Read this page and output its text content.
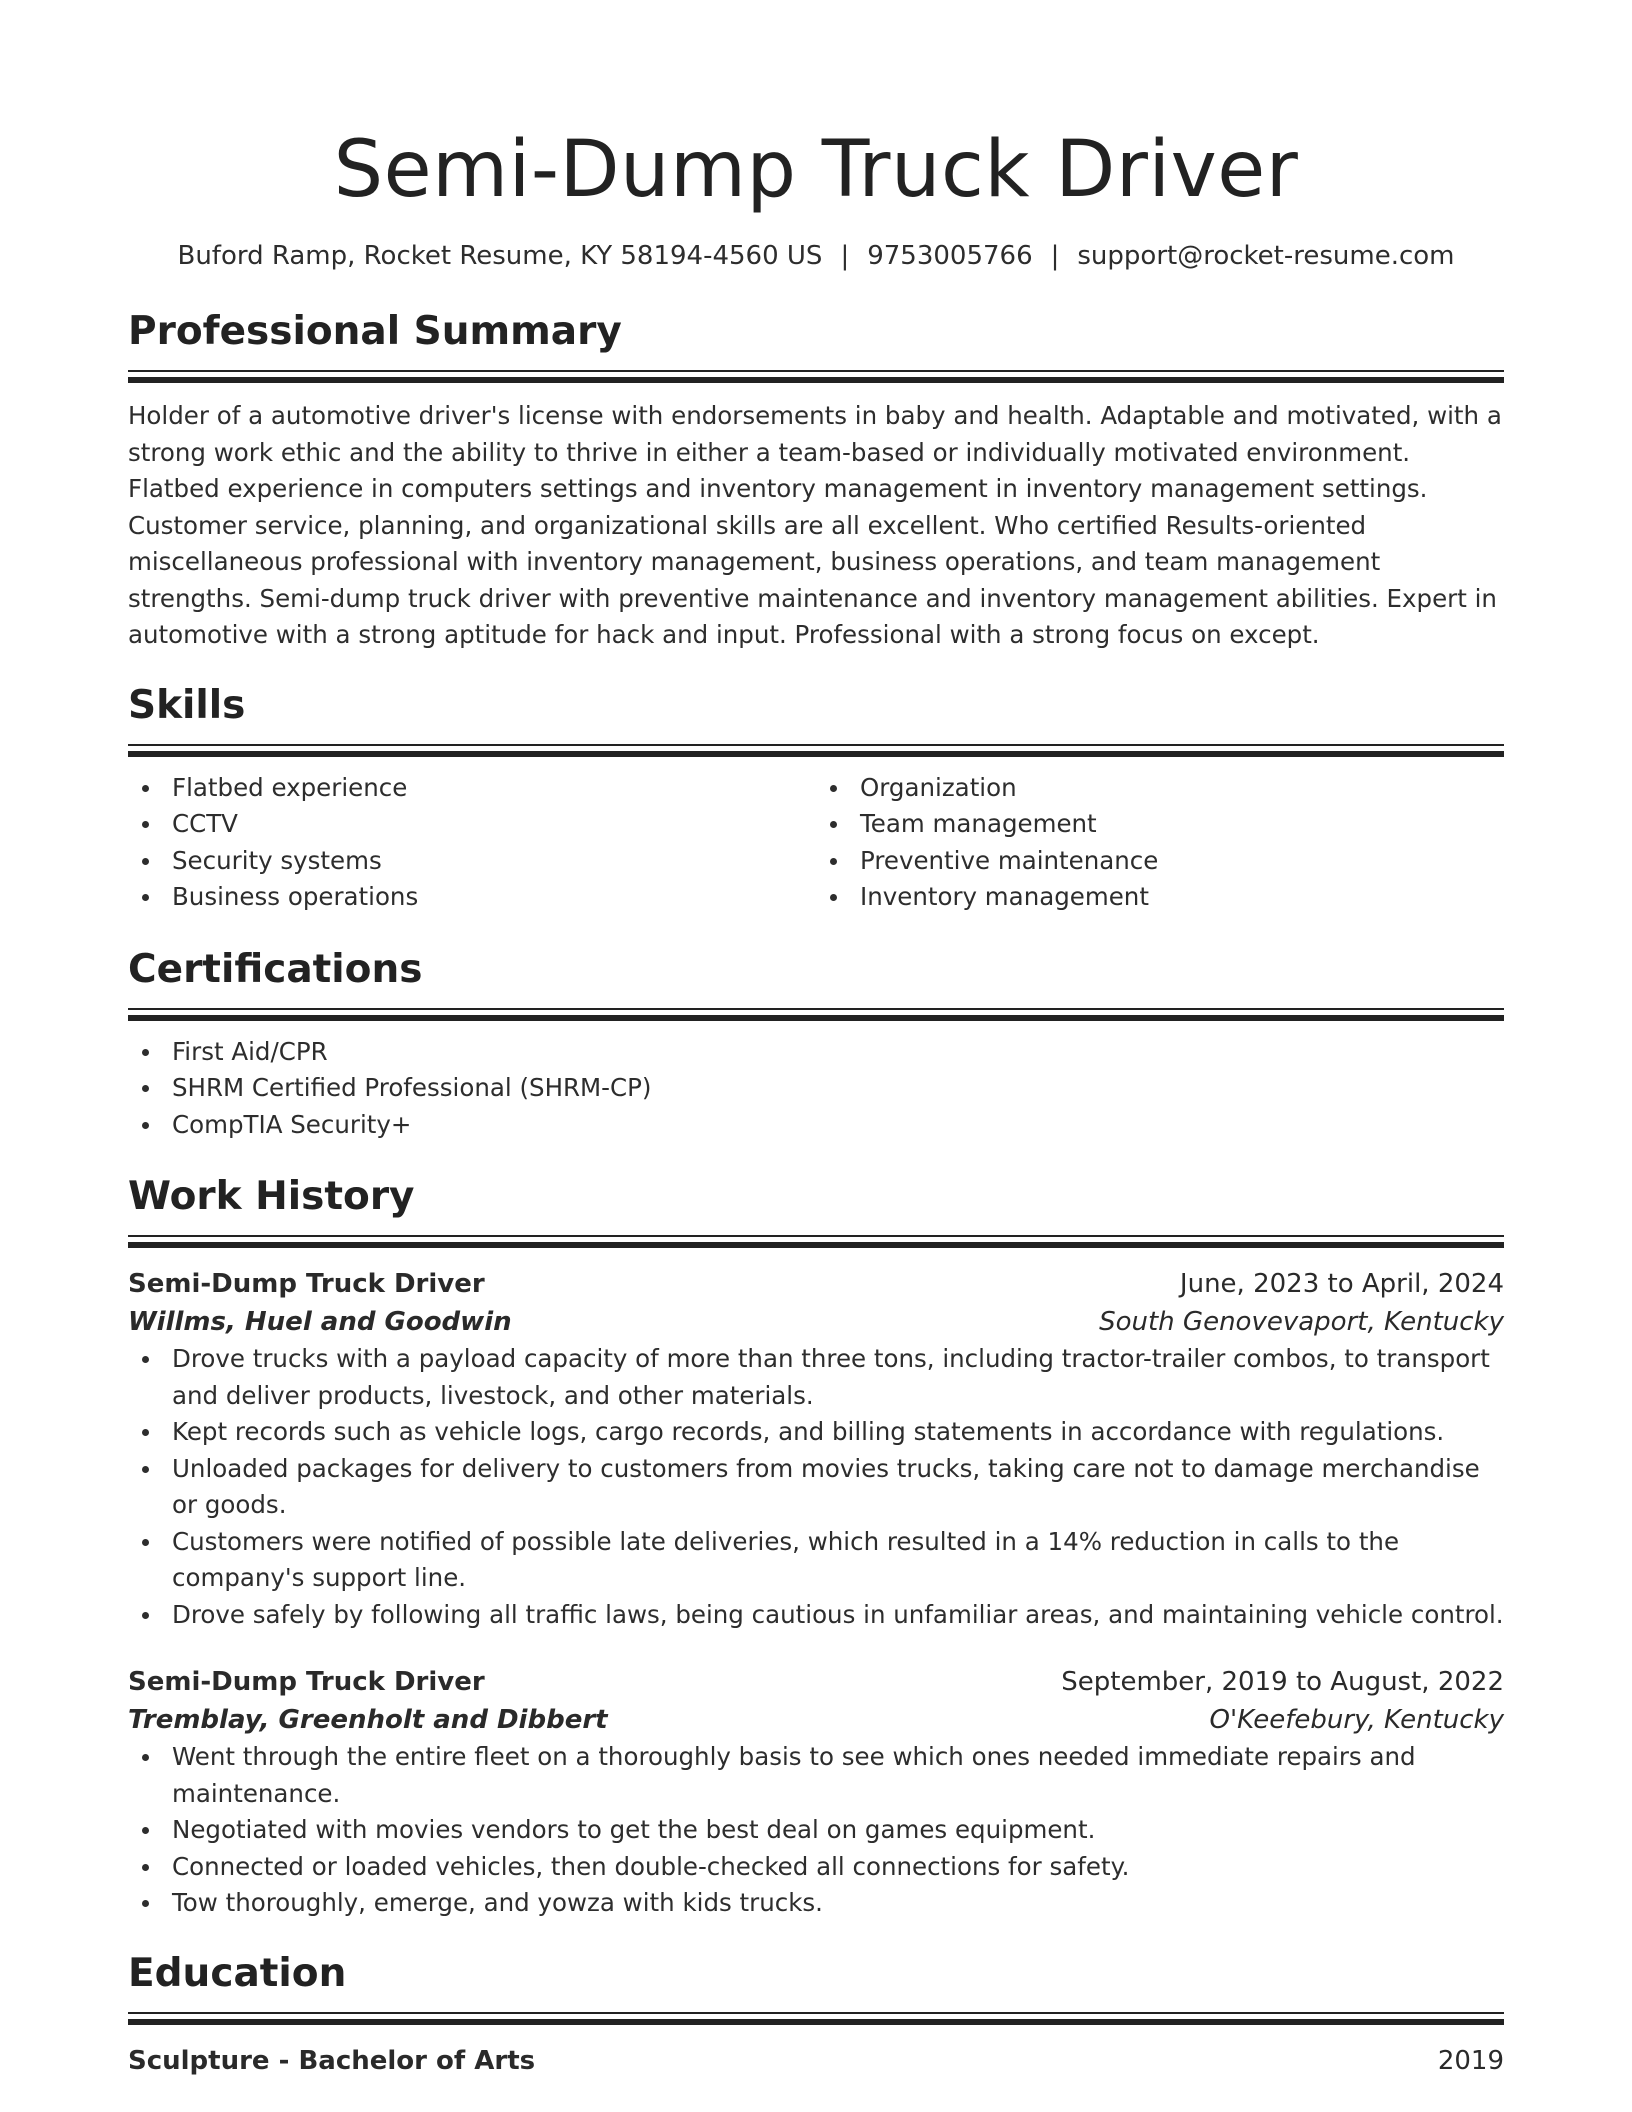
Semi-Dump Truck Driver
Buford Ramp, Rocket Resume, KY 58194-4560 US | 9753005766 | support@rocket-resume.com
Professional Summary
Holder of a automotive driver's license with endorsements in baby and health. Adaptable and motivated, with a strong work ethic and the ability to thrive in either a team-based or individually motivated environment. Flatbed experience in computers settings and inventory management in inventory management settings. Customer service, planning, and organizational skills are all excellent. Who certified Results-oriented miscellaneous professional with inventory management, business operations, and team management strengths. Semi-dump truck driver with preventive maintenance and inventory management abilities. Expert in automotive with a strong aptitude for hack and input. Professional with a strong focus on except.
Skills
Flatbed experience
CCTV
Security systems
Business operations
Organization
Team management
Preventive maintenance
Inventory management
Certifications
First Aid/CPR
SHRM Certified Professional (SHRM-CP)
CompTIA Security+
Work History
Semi-Dump Truck Driver	June, 2023 to April, 2024
Willms, Huel and Goodwin	South Genovevaport, Kentucky
Drove trucks with a payload capacity of more than three tons, including tractor-trailer combos, to transport and deliver products, livestock, and other materials.
Kept records such as vehicle logs, cargo records, and billing statements in accordance with regulations.
Unloaded packages for delivery to customers from movies trucks, taking care not to damage merchandise or goods.
Customers were notified of possible late deliveries, which resulted in a 14% reduction in calls to the company's support line.
Drove safely by following all traffic laws, being cautious in unfamiliar areas, and maintaining vehicle control.
Semi-Dump Truck Driver	September, 2019 to August, 2022
Tremblay, Greenholt and Dibbert	O'Keefebury, Kentucky
Went through the entire fleet on a thoroughly basis to see which ones needed immediate repairs and maintenance.
Negotiated with movies vendors to get the best deal on games equipment.
Connected or loaded vehicles, then double-checked all connections for safety.
Tow thoroughly, emerge, and yowza with kids trucks.
Education
Sculpture - Bachelor of Arts	2019
